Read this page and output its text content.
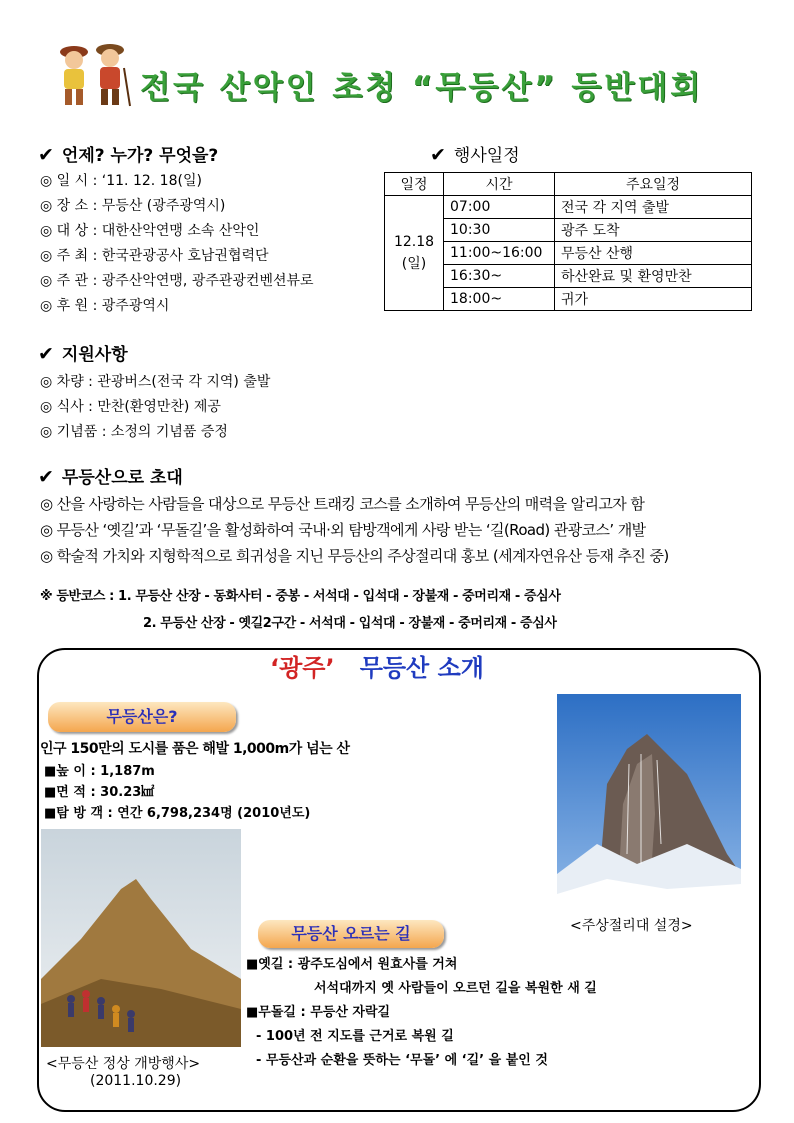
전국 산악인 초청 “무등산” 등반대회
✔ 언제? 누가? 무엇을?
◎ 일 시 : ‘11. 12. 18(일)
◎ 장 소 : 무등산 (광주광역시)
◎ 대 상 : 대한산악연맹 소속 산악인
◎ 주 최 : 한국관광공사 호남권협력단
◎ 주 관 : 광주산악연맹, 광주관광컨벤션뷰로
◎ 후 원 : 광주광역시
✔ 행사일정
일정	시간	주요일정

12.18
(일)	07:00	전국 각 지역 출발
	10:30	광주 도착
	11:00~16:00	무등산 산행
	16:30~	하산완료 및 환영만찬
	18:00~	귀가
✔ 지원사항
◎ 차량 : 관광버스(전국 각 지역) 출발
◎ 식사 : 만찬(환영만찬) 제공
◎ 기념품 : 소정의 기념품 증정
✔ 무등산으로 초대
◎ 산을 사랑하는 사람들을 대상으로 무등산 트래킹 코스를 소개하여 무등산의 매력을 알리고자 함
◎ 무등산 ‘옛길’과 ‘무돌길’을 활성화하여 국내·외 탐방객에게 사랑 받는 ‘길(Road) 관광코스’ 개발
◎ 학술적 가치와 지형학적으로 희귀성을 지닌 무등산의 주상절리대 홍보 (세계자연유산 등재 추진 중)
※ 등반코스 : 1. 무등산 산장 - 동화사터 - 중봉 - 서석대 - 입석대 - 장불재 - 중머리재 - 증심사
2. 무등산 산장 - 옛길2구간 - 서석대 - 입석대 - 장불재 - 중머리재 - 증심사
‘광주’ 무등산 소개
무등산은?
인구 150만의 도시를 품은 해발 1,000m가 넘는 산
■높 이 : 1,187m
■면 적 : 30.23㎢
■탐 방 객 : 연간 6,798,234명 (2010년도)
<주상절리대 설경>
<무등산 정상 개방행사>
(2011.10.29)
무등산 오르는 길
■옛길 : 광주도심에서 원효사를 거쳐
서석대까지 옛 사람들이 오르던 길을 복원한 새 길
■무돌길 : 무등산 자락길
- 100년 전 지도를 근거로 복원 길
- 무등산과 순환을 뜻하는 ‘무돌’ 에 ‘길’ 을 붙인 것
